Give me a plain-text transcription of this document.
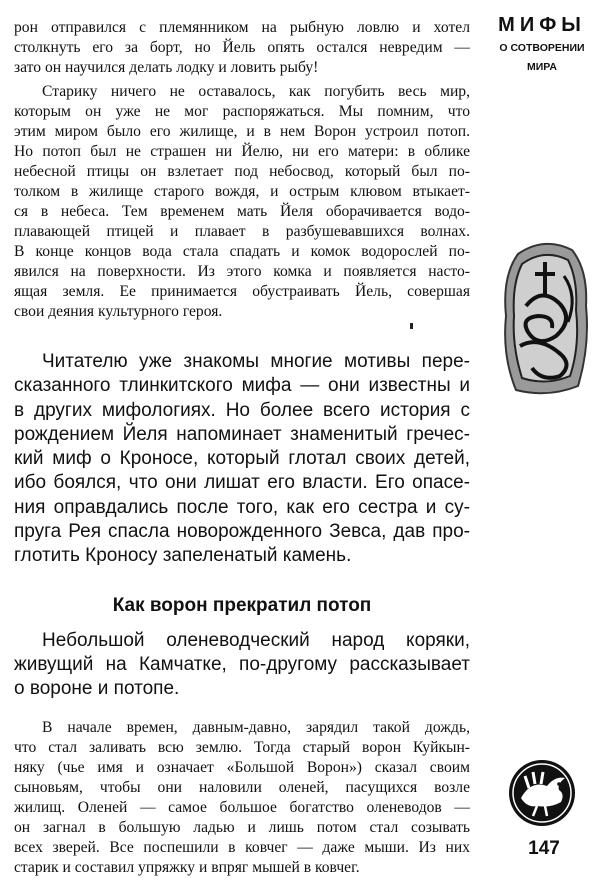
рон отправился с племянником на рыбную ловлю и хотел
столкнуть его за борт, но Йель опять остался невредим —
зато он научился делать лодку и ловить рыбу!
Старику ничего не оставалось, как погубить весь мир,
которым он уже не мог распоряжаться. Мы помним, что
этим миром было его жилище, и в нем Ворон устроил потоп.
Но потоп был не страшен ни Йелю, ни его матери: в облике
небесной птицы он взлетает под небосвод, который был по-
толком в жилище старого вождя, и острым клювом втыкает-
ся в небеса. Тем временем мать Йеля оборачивается водо-
плавающей птицей и плавает в разбушевавшихся волнах.
В конце концов вода стала спадать и комок водорослей по-
явился на поверхности. Из этого комка и появляется насто-
ящая земля. Ее принимается обустраивать Йель, совершая
свои деяния культурного героя.
Читателю уже знакомы многие мотивы пере-
сказанного тлинкитского мифа — они известны и
в других мифологиях. Но более всего история с
рождением Йеля напоминает знаменитый гречес-
кий миф о Кроносе, который глотал своих детей,
ибо боялся, что они лишат его власти. Его опасе-
ния оправдались после того, как его сестра и су-
пруга Рея спасла новорожденного Зевса, дав про-
глотить Кроносу запеленатый камень.
Как ворон прекратил потоп
Небольшой оленеводческий народ коряки,
живущий на Камчатке, по-другому рассказывает
о вороне и потопе.
В начале времен, давным-давно, зарядил такой дождь,
что стал заливать всю землю. Тогда старый ворон Куйкын-
няку (чье имя и означает «Большой Ворон») сказал своим
сыновьям, чтобы они наловили оленей, пасущихся возле
жилищ. Оленей — самое большое богатство оленеводов —
он загнал в большую ладью и лишь потом стал созывать
всех зверей. Все поспешили в ковчег — даже мыши. Из них
старик и составил упряжку и впряг мышей в ковчег.
МИФЫ
О СОТВОРЕНИИ
МИРА
147
